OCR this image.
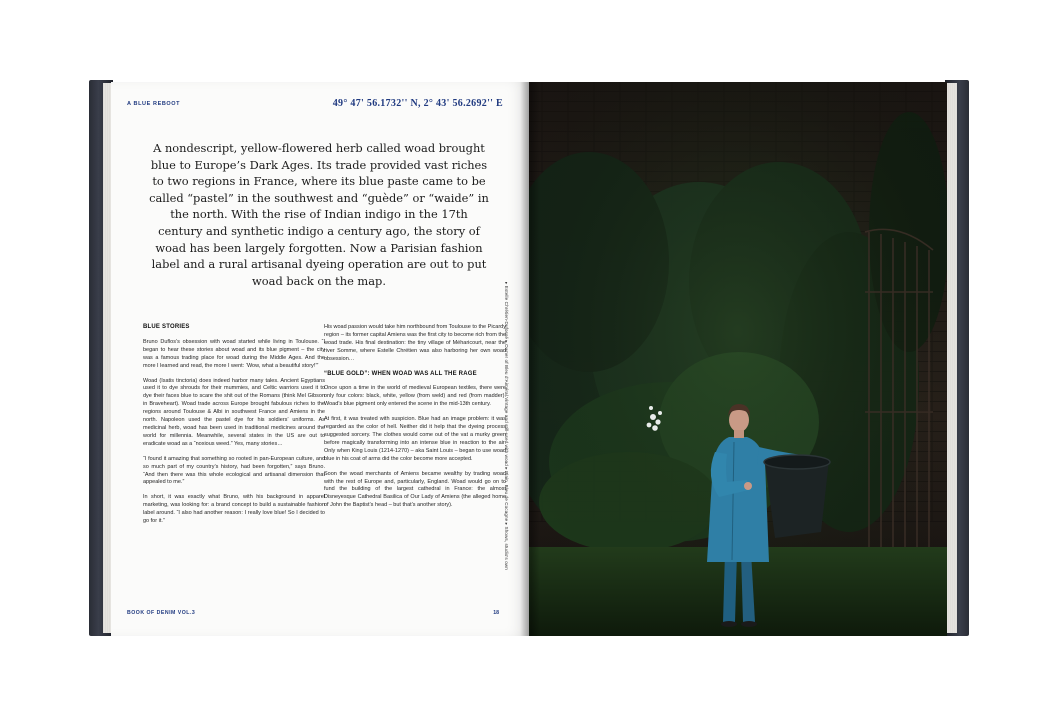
A BLUE REBOOT	49° 47' 56.1732'' N, 2° 43' 56.2692'' E
A nondescript, yellow-flowered herb called woad brought blue to Europe’s Dark Ages. Its trade provided vast riches to two regions in France, where its blue paste came to be called “pastel” in the southwest and “guède” or “waide” in the north. With the rise of Indian indigo in the 17th century and synthetic indigo a century ago, the story of woad has been largely forgotten. Now a Parisian fashion label and a rural artisanal dyeing operation are out to put woad back on the map.
▸ Estelle Chrétien-Dufossé ▸ Owner of Bleu d'Aiméral Vintage and still-used with woad ▸ Plain, Bleu de Cocagne ▸ Shows, studio's own

BLUE STORIES

Bruno Duflos’s obsession with woad started while living in Toulouse. “I began to hear these stories about woad and its blue pigment – the city was a famous trading place for woad during the Middle Ages. And the more I learned and read, the more I went: ‘Wow, what a beautiful story!’”

Woad (Isatis tinctoria) does indeed harbor many tales. Ancient Egyptians used it to dye shrouds for their mummies, and Celtic warriors used it to dye their faces blue to scare the shit out of the Romans (think Mel Gibson in Braveheart). Woad trade across Europe brought fabulous riches to the regions around Toulouse & Albi in southwest France and Amiens in the north. Napoleon used the pastel dye for his soldiers’ uniforms. As medicinal herb, woad has been used in traditional medicines around the world for millennia. Meanwhile, several states in the US are out to eradicate woad as a “noxious weed.” Yes, many stories…

“I found it amazing that something so rooted in pan-European culture, and so much part of my country’s history, had been forgotten,” says Bruno. “And then there was this whole ecological and artisanal dimension that appealed to me.”

In short, it was exactly what Bruno, with his background in apparel marketing, was looking for: a brand concept to build a sustainable fashion label around. “I also had another reason: I really love blue! So I decided to go for it.”

His woad passion would take him northbound from Toulouse to the Picardy region – its former capital Amiens was the first city to become rich from the woad trade. His final destination: the tiny village of Méharicourt, near the river Somme, where Estelle Chrétien was also harboring her own woad obsession…

“BLUE GOLD”: WHEN WOAD WAS ALL THE RAGE

Once upon a time in the world of medieval European textiles, there were only four colors: black, white, yellow (from weld) and red (from madder). Woad’s blue pigment only entered the scene in the mid-13th century.

At first, it was treated with suspicion. Blue had an image problem: it was regarded as the color of hell. Neither did it help that the dyeing process suggested sorcery. The clothes would come out of the vat a murky green before magically transforming into an intense blue in reaction to the air. Only when King Louis (1214-1270) – aka Saint Louis – began to use woad blue in his coat of arms did the color become more accepted.

Soon the woad merchants of Amiens became wealthy by trading woad with the rest of Europe and, particularly, England. Woad would go on to fund the building of the largest cathedral in France: the almost Disneyesque Cathedral Basilica of Our Lady of Amiens (the alleged home of John the Baptist’s head – but that’s another story).

BOOK OF DENIM VOL.3	18
